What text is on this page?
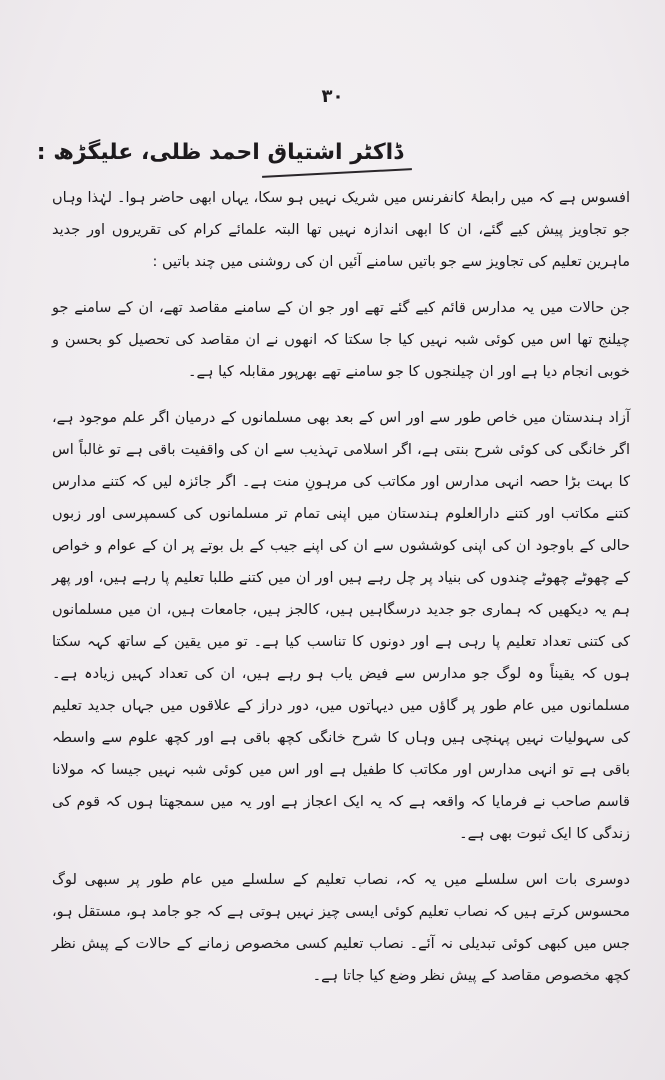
۳۰
ڈاکٹر اشتیاق احمد ظلی، علیگڑھ :

افسوس ہے کہ میں رابطۂ کانفرنس میں شریک نہیں ہو سکا، یہاں ابھی حاضر ہوا۔ لہٰذا وہاں جو تجاویز پیش کیے گئے، ان کا ابھی اندازہ نہیں تھا البتہ علمائے کرام کی تقریروں اور جدید ماہرین تعلیم کی تجاویز سے جو باتیں سامنے آئیں ان کی روشنی میں چند باتیں :

جن حالات میں یہ مدارس قائم کیے گئے تھے اور جو ان کے سامنے مقاصد تھے، ان کے سامنے جو چیلنج تھا اس میں کوئی شبہ نہیں کیا جا سکتا کہ انھوں نے ان مقاصد کی تحصیل کو بحسن و خوبی انجام دیا ہے اور ان چیلنجوں کا جو سامنے تھے بھرپور مقابلہ کیا ہے۔

آزاد ہندستان میں خاص طور سے اور اس کے بعد بھی مسلمانوں کے درمیان اگر علم موجود ہے، اگر خانگی کی کوئی شرح بنتی ہے، اگر اسلامی تہذیب سے ان کی واقفیت باقی ہے تو غالباً اس کا بہت بڑا حصہ انہی مدارس اور مکاتب کی مرہونِ منت ہے۔ اگر جائزہ لیں کہ کتنے مدارس کتنے مکاتب اور کتنے دارالعلوم ہندستان میں اپنی تمام تر مسلمانوں کی کسمپرسی اور زبوں حالی کے باوجود ان کی اپنی کوششوں سے ان کی اپنے جیب کے بل بوتے پر ان کے عوام و خواص کے چھوٹے چھوٹے چندوں کی بنیاد پر چل رہے ہیں اور ان میں کتنے طلبا تعلیم پا رہے ہیں، اور پھر ہم یہ دیکھیں کہ ہماری جو جدید درسگاہیں ہیں، کالجز ہیں، جامعات ہیں، ان میں مسلمانوں کی کتنی تعداد تعلیم پا رہی ہے اور دونوں کا تناسب کیا ہے۔ تو میں یقین کے ساتھ کہہ سکتا ہوں کہ یقیناً وہ لوگ جو مدارس سے فیض یاب ہو رہے ہیں، ان کی تعداد کہیں زیادہ ہے۔ مسلمانوں میں عام طور پر گاؤں میں دیہاتوں میں، دور دراز کے علاقوں میں جہاں جدید تعلیم کی سہولیات نہیں پہنچی ہیں وہاں کا شرح خانگی کچھ باقی ہے اور کچھ علوم سے واسطہ باقی ہے تو انہی مدارس اور مکاتب کا طفیل ہے اور اس میں کوئی شبہ نہیں جیسا کہ مولانا قاسم صاحب نے فرمایا کہ واقعہ ہے کہ یہ ایک اعجاز ہے اور یہ میں سمجھتا ہوں کہ قوم کی زندگی کا ایک ثبوت بھی ہے۔

دوسری بات اس سلسلے میں یہ کہ، نصاب تعلیم کے سلسلے میں عام طور پر سبھی لوگ محسوس کرتے ہیں کہ نصاب تعلیم کوئی ایسی چیز نہیں ہوتی ہے کہ جو جامد ہو، مستقل ہو، جس میں کبھی کوئی تبدیلی نہ آئے۔ نصاب تعلیم کسی مخصوص زمانے کے حالات کے پیش نظر کچھ مخصوص مقاصد کے پیش نظر وضع کیا جاتا ہے۔
